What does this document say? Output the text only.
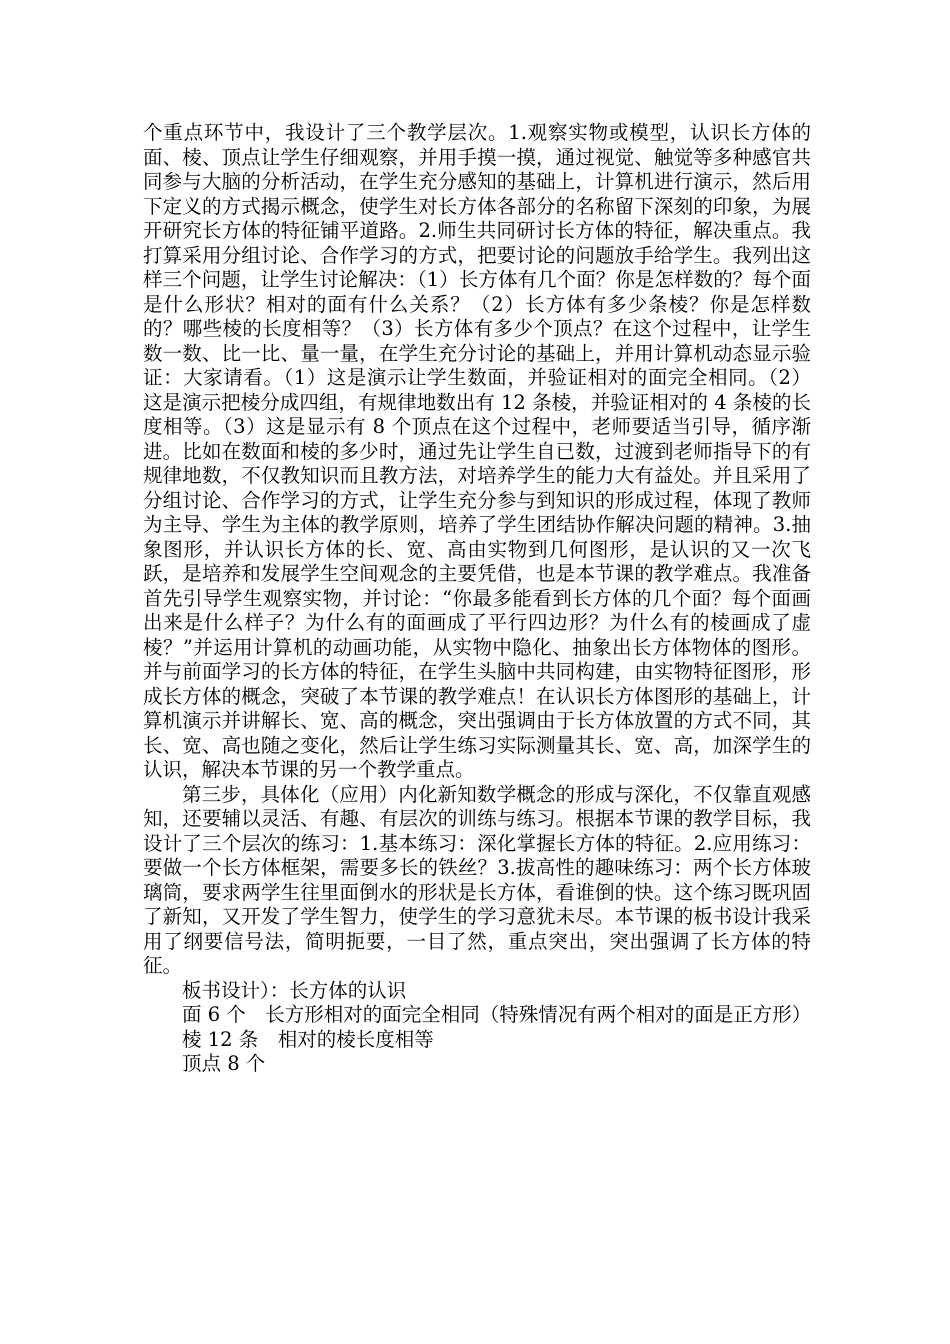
个重点环节中，我设计了三个教学层次。1.观察实物或模型，认识长方体的面、棱、顶点让学生仔细观察，并用手摸一摸，通过视觉、触觉等多种感官共同参与大脑的分析活动，在学生充分感知的基础上，计算机进行演示，然后用下定义的方式揭示概念，使学生对长方体各部分的名称留下深刻的印象，为展开研究长方体的特征铺平道路。2.师生共同研讨长方体的特征，解决重点。我打算采用分组讨论、合作学习的方式，把要讨论的问题放手给学生。我列出这样三个问题，让学生讨论解决：（1）长方体有几个面？你是怎样数的？每个面是什么形状？相对的面有什么关系？（2）长方体有多少条棱？你是怎样数的？哪些棱的长度相等？（3）长方体有多少个顶点？在这个过程中，让学生数一数、比一比、量一量，在学生充分讨论的基础上，并用计算机动态显示验证：大家请看。（1）这是演示让学生数面，并验证相对的面完全相同。（2）这是演示把棱分成四组，有规律地数出有 12 条棱，并验证相对的 4 条棱的长度相等。（3）这是显示有 8 个顶点在这个过程中，老师要适当引导，循序渐进。比如在数面和棱的多少时，通过先让学生自已数，过渡到老师指导下的有规律地数，不仅教知识而且教方法，对培养学生的能力大有益处。并且采用了分组讨论、合作学习的方式，让学生充分参与到知识的形成过程，体现了教师为主导、学生为主体的教学原则，培养了学生团结协作解决问题的精神。3.抽象图形，并认识长方体的长、宽、高由实物到几何图形，是认识的又一次飞跃，是培养和发展学生空间观念的主要凭借，也是本节课的教学难点。我准备首先引导学生观察实物，并讨论：“你最多能看到长方体的几个面？每个面画出来是什么样子？为什么有的面画成了平行四边形？为什么有的棱画成了虚棱？”并运用计算机的动画功能，从实物中隐化、抽象出长方体物体的图形。并与前面学习的长方体的特征，在学生头脑中共同构建，由实物特征图形，形成长方体的概念，突破了本节课的教学难点！在认识长方体图形的基础上，计算机演示并讲解长、宽、高的概念，突出强调由于长方体放置的方式不同，其长、宽、高也随之变化，然后让学生练习实际测量其长、宽、高，加深学生的认识，解决本节课的另一个教学重点。

第三步，具体化（应用）内化新知数学概念的形成与深化，不仅靠直观感知，还要辅以灵活、有趣、有层次的训练与练习。根据本节课的教学目标，我设计了三个层次的练习：1.基本练习：深化掌握长方体的特征。2.应用练习：要做一个长方体框架，需要多长的铁丝？3.拔高性的趣味练习：两个长方体玻璃筒，要求两学生往里面倒水的形状是长方体，看谁倒的快。这个练习既巩固了新知，又开发了学生智力，使学生的学习意犹未尽。本节课的板书设计我采用了纲要信号法，简明扼要，一目了然，重点突出，突出强调了长方体的特征。

板书设计）：长方体的认识

面 6 个　长方形相对的面完全相同（特殊情况有两个相对的面是正方形）

棱 12 条　相对的棱长度相等

顶点 8 个
